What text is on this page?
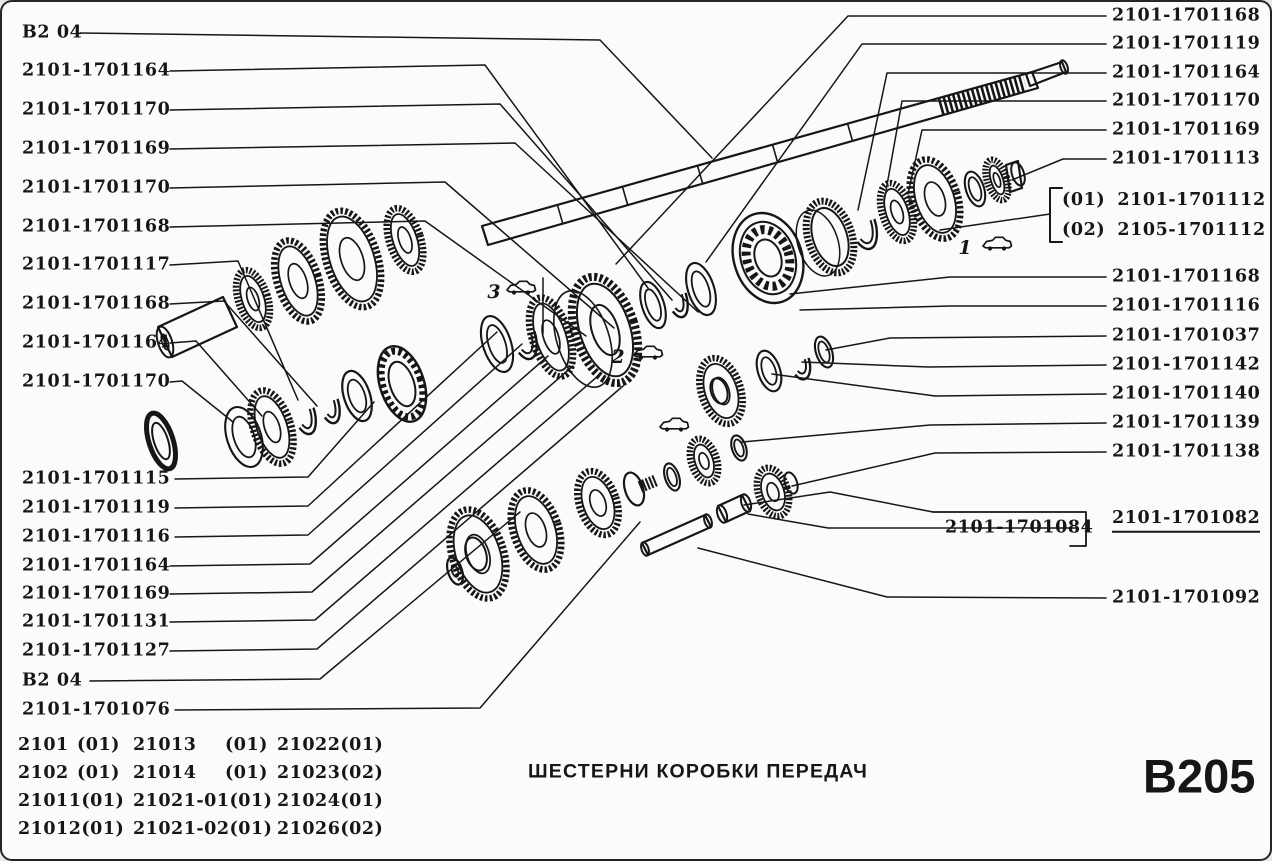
B2 04
2101-1701164
2101-1701170
2101-1701169
2101-1701170
2101-1701168
2101-1701117
2101-1701168
2101-1701164
2101-1701170
2101-1701115
2101-1701119
2101-1701116
2101-1701164
2101-1701169
2101-1701131
2101-1701127
B2 04
2101-1701076
2101-1701168
2101-1701119
2101-1701164
2101-1701170
2101-1701169
2101-1701113
2101-1701168
2101-1701116
2101-1701037
2101-1701142
2101-1701140
2101-1701139
2101-1701138
(01) 2101-1701112
(02) 2105-1701112
2101-1701084 2101-1701082
2101-1701092
1
2
3
ШЕСТЕРНИ КОРОБКИ ПЕРЕДАЧ	B205
2101 (01) 21013 (01) 21022(01)
2102 (01) 21014 (01) 21023(02)
21011(01) 21021-01(01) 21024(01)
21012(01) 21021-02(01) 21026(02)
